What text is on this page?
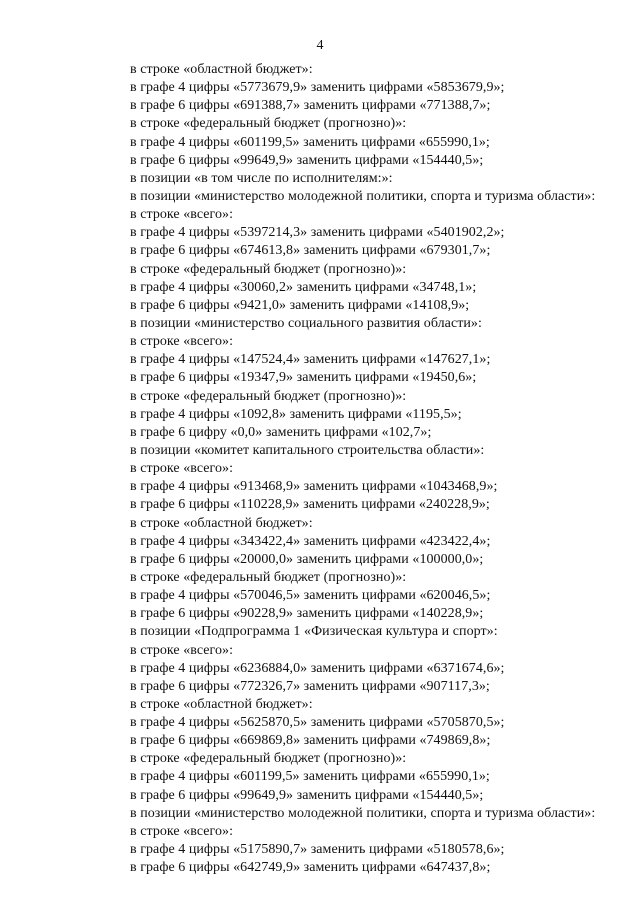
4
в строке «областной бюджет»:
в графе 4 цифры «5773679,9» заменить цифрами «5853679,9»;
в графе 6 цифры «691388,7» заменить цифрами «771388,7»;
в строке «федеральный бюджет (прогнозно)»:
в графе 4 цифры «601199,5» заменить цифрами «655990,1»;
в графе 6 цифры «99649,9» заменить цифрами «154440,5»;
в позиции «в том числе по исполнителям:»:
в позиции «министерство молодежной политики, спорта и туризма области»:
в строке «всего»:
в графе 4 цифры «5397214,3» заменить цифрами «5401902,2»;
в графе 6 цифры «674613,8» заменить цифрами «679301,7»;
в строке «федеральный бюджет (прогнозно)»:
в графе 4 цифры «30060,2» заменить цифрами «34748,1»;
в графе 6 цифры «9421,0» заменить цифрами «14108,9»;
в позиции «министерство социального развития области»:
в строке «всего»:
в графе 4 цифры «147524,4» заменить цифрами «147627,1»;
в графе 6 цифры «19347,9» заменить цифрами «19450,6»;
в строке «федеральный бюджет (прогнозно)»:
в графе 4 цифры «1092,8» заменить цифрами «1195,5»;
в графе 6 цифру «0,0» заменить цифрами «102,7»;
в позиции «комитет капитального строительства области»:
в строке «всего»:
в графе 4 цифры «913468,9» заменить цифрами «1043468,9»;
в графе 6 цифры «110228,9» заменить цифрами «240228,9»;
в строке «областной бюджет»:
в графе 4 цифры «343422,4» заменить цифрами «423422,4»;
в графе 6 цифры «20000,0» заменить цифрами «100000,0»;
в строке «федеральный бюджет (прогнозно)»:
в графе 4 цифры «570046,5» заменить цифрами «620046,5»;
в графе 6 цифры «90228,9» заменить цифрами «140228,9»;
в позиции «Подпрограмма 1 «Физическая культура и спорт»:
в строке «всего»:
в графе 4 цифры «6236884,0» заменить цифрами «6371674,6»;
в графе 6 цифры «772326,7» заменить цифрами «907117,3»;
в строке «областной бюджет»:
в графе 4 цифры «5625870,5» заменить цифрами «5705870,5»;
в графе 6 цифры «669869,8» заменить цифрами «749869,8»;
в строке «федеральный бюджет (прогнозно)»:
в графе 4 цифры «601199,5» заменить цифрами «655990,1»;
в графе 6 цифры «99649,9» заменить цифрами «154440,5»;
в позиции «министерство молодежной политики, спорта и туризма области»:
в строке «всего»:
в графе 4 цифры «5175890,7» заменить цифрами «5180578,6»;
в графе 6 цифры «642749,9» заменить цифрами «647437,8»;
